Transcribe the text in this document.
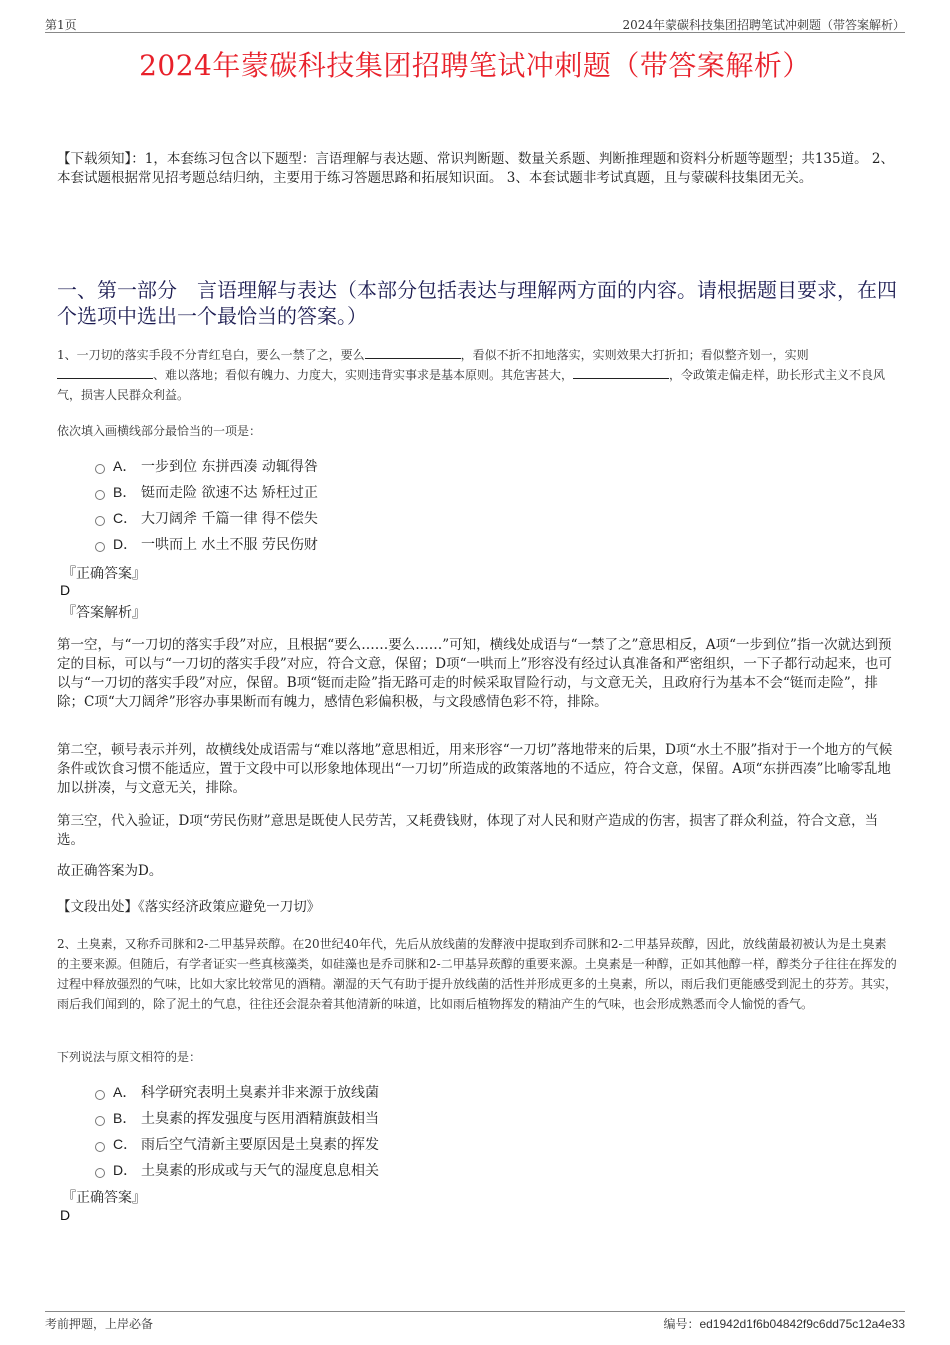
第1页	2024年蒙碳科技集团招聘笔试冲刺题（带答案解析）
2024年蒙碳科技集团招聘笔试冲刺题（带答案解析）
【下载须知】：1，本套练习包含以下题型：言语理解与表达题、常识判断题、数量关系题、判断推理题和资料分析题等题型；共135道。 2、本套试题根据常见招考题总结归纳，主要用于练习答题思路和拓展知识面。 3、本套试题非考试真题，且与蒙碳科技集团无关。
一、第一部分　言语理解与表达（本部分包括表达与理解两方面的内容。请根据题目要求，在四个选项中选出一个最恰当的答案。）
1、一刀切的落实手段不分青红皂白，要么一禁了之，要么	，看似不折不扣地落实，实则效果大打折扣；看似整齐划一，实则、难以落地；看似有魄力、力度大，实则违背实事求是基本原则。其危害甚大，	，令政策走偏走样，助长形式主义不良风气，损害人民群众利益。
依次填入画横线部分最恰当的一项是：
A． 一步到位 东拼西凑 动辄得咎
B． 铤而走险 欲速不达 矫枉过正
C． 大刀阔斧 千篇一律 得不偿失
D． 一哄而上 水土不服 劳民伤财
『正确答案』
D
『答案解析』
第一空，与“一刀切的落实手段”对应，且根据“要么……要么……”可知，横线处成语与“一禁了之”意思相反，A项“一步到位”指一次就达到预定的目标，可以与“一刀切的落实手段”对应，符合文意，保留；D项“一哄而上”形容没有经过认真准备和严密组织，一下子都行动起来，也可以与“一刀切的落实手段”对应，保留。B项“铤而走险”指无路可走的时候采取冒险行动，与文意无关，且政府行为基本不会“铤而走险”，排除；C项“大刀阔斧”形容办事果断而有魄力，感情色彩偏积极，与文段感情色彩不符，排除。
第二空，顿号表示并列，故横线处成语需与“难以落地”意思相近，用来形容“一刀切”落地带来的后果，D项“水土不服”指对于一个地方的气候条件或饮食习惯不能适应，置于文段中可以形象地体现出“一刀切”所造成的政策落地的不适应，符合文意，保留。A项“东拼西凑”比喻零乱地加以拼凑，与文意无关，排除。
第三空，代入验证，D项“劳民伤财”意思是既使人民劳苦，又耗费钱财，体现了对人民和财产造成的伤害，损害了群众利益，符合文意，当选。
故正确答案为D。
【文段出处】《落实经济政策应避免一刀切》
2、土臭素，又称乔司脒和2-二甲基异莰醇。在20世纪40年代，先后从放线菌的发酵液中提取到乔司脒和2-二甲基异莰醇，因此，放线菌最初被认为是土臭素的主要来源。但随后，有学者证实一些真核藻类，如硅藻也是乔司脒和2-二甲基异莰醇的重要来源。土臭素是一种醇，正如其他醇一样，醇类分子往往在挥发的过程中释放强烈的气味，比如大家比较常见的酒精。潮湿的天气有助于提升放线菌的活性并形成更多的土臭素，所以，雨后我们更能感受到泥土的芬芳。其实，雨后我们闻到的，除了泥土的气息，往往还会混杂着其他清新的味道，比如雨后植物挥发的精油产生的气味，也会形成熟悉而令人愉悦的香气。
下列说法与原文相符的是：
A． 科学研究表明土臭素并非来源于放线菌
B． 土臭素的挥发强度与医用酒精旗鼓相当
C． 雨后空气清新主要原因是土臭素的挥发
D． 土臭素的形成或与天气的湿度息息相关
『正确答案』
D
考前押题，上岸必备	编号：ed1942d1f6b04842f9c6dd75c12a4e33
